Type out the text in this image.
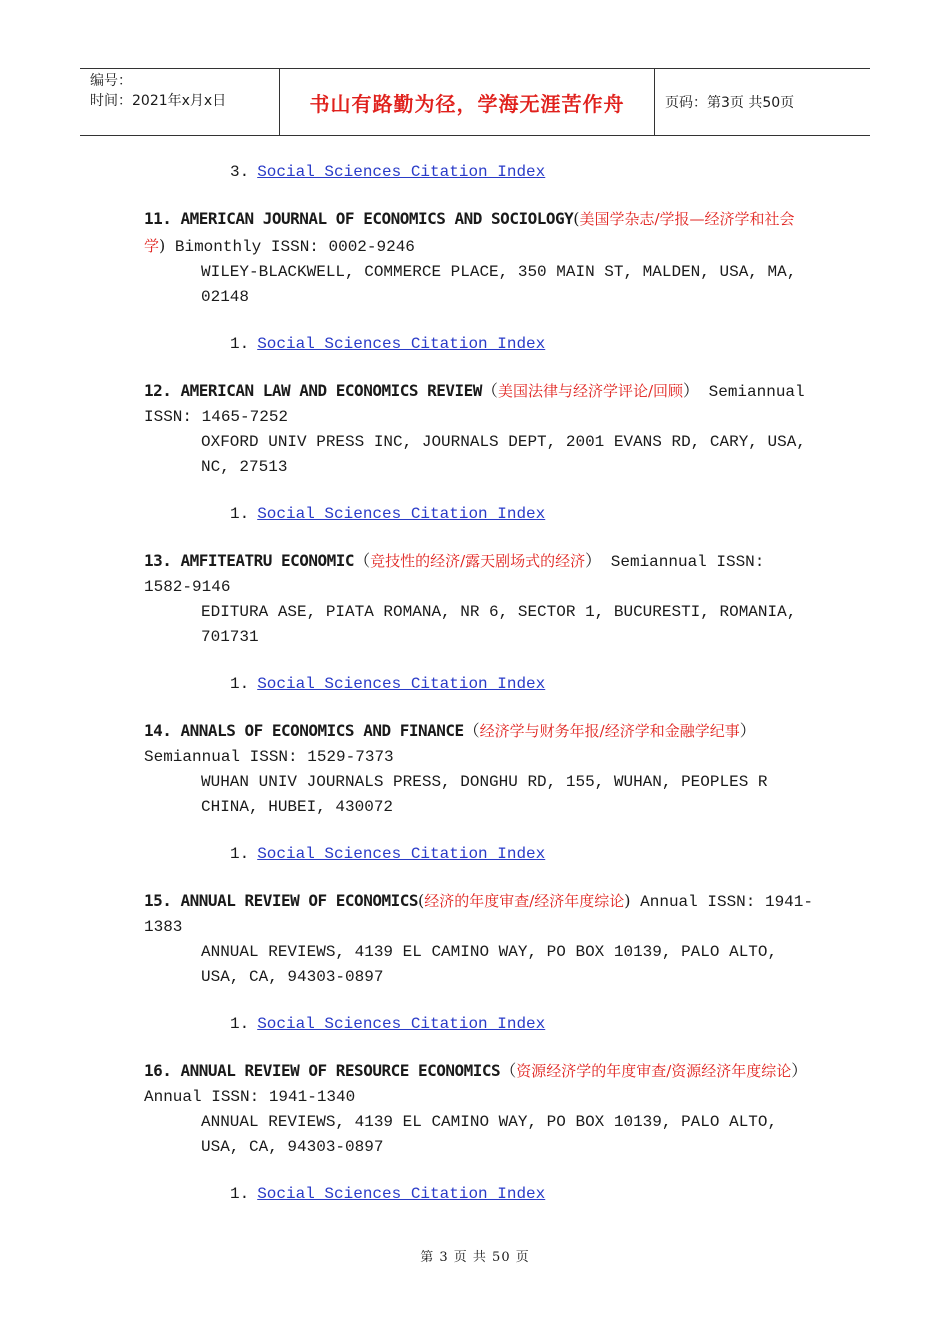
编号：
时间：2021年x月x日	书山有路勤为径，学海无涯苦作舟	页码：第3页 共50页
3. Social Sciences Citation Index
11. AMERICAN JOURNAL OF ECONOMICS AND SOCIOLOGY(美国学杂志/学报—经济学和社会学) Bimonthly ISSN: 0002-9246
WILEY-BLACKWELL, COMMERCE PLACE, 350 MAIN ST, MALDEN, USA, MA, 02148
1. Social Sciences Citation Index
12. AMERICAN LAW AND ECONOMICS REVIEW（美国法律与经济学评论/回顾） Semiannual ISSN: 1465-7252
OXFORD UNIV PRESS INC, JOURNALS DEPT, 2001 EVANS RD, CARY, USA, NC, 27513
1. Social Sciences Citation Index
13. AMFITEATRU ECONOMIC（竞技性的经济/露天剧场式的经济） Semiannual ISSN: 1582-9146
EDITURA ASE, PIATA ROMANA, NR 6, SECTOR 1, BUCURESTI, ROMANIA, 701731
1. Social Sciences Citation Index
14. ANNALS OF ECONOMICS AND FINANCE（经济学与财务年报/经济学和金融学纪事） Semiannual ISSN: 1529-7373
WUHAN UNIV JOURNALS PRESS, DONGHU RD, 155, WUHAN, PEOPLES R CHINA, HUBEI, 430072
1. Social Sciences Citation Index
15. ANNUAL REVIEW OF ECONOMICS(经济的年度审查/经济年度综论) Annual ISSN: 1941-1383
ANNUAL REVIEWS, 4139 EL CAMINO WAY, PO BOX 10139, PALO ALTO, USA, CA, 94303-0897
1. Social Sciences Citation Index
16. ANNUAL REVIEW OF RESOURCE ECONOMICS（资源经济学的年度审查/资源经济年度综论） Annual ISSN: 1941-1340
ANNUAL REVIEWS, 4139 EL CAMINO WAY, PO BOX 10139, PALO ALTO, USA, CA, 94303-0897
1. Social Sciences Citation Index
第 3 页 共 50 页
